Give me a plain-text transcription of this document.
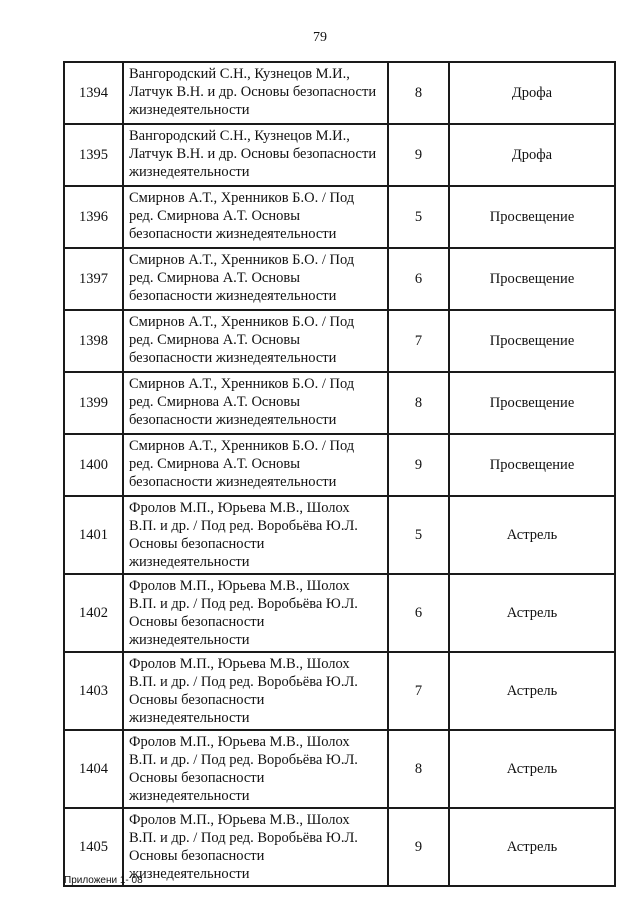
79
1394	Вангородский С.Н., Кузнецов М.И.,
Латчук В.Н. и др. Основы безопасности
жизнедеятельности	8	Дрофа
1395	Вангородский С.Н., Кузнецов М.И.,
Латчук В.Н. и др. Основы безопасности
жизнедеятельности	9	Дрофа
1396	Смирнов А.Т., Хренников Б.О. / Под
ред. Смирнова А.Т. Основы
безопасности жизнедеятельности	5	Просвещение
1397	Смирнов А.Т., Хренников Б.О. / Под
ред. Смирнова А.Т. Основы
безопасности жизнедеятельности	6	Просвещение
1398	Смирнов А.Т., Хренников Б.О. / Под
ред. Смирнова А.Т. Основы
безопасности жизнедеятельности	7	Просвещение
1399	Смирнов А.Т., Хренников Б.О. / Под
ред. Смирнова А.Т. Основы
безопасности жизнедеятельности	8	Просвещение
1400	Смирнов А.Т., Хренников Б.О. / Под
ред. Смирнова А.Т. Основы
безопасности жизнедеятельности	9	Просвещение
1401	Фролов М.П., Юрьева М.В., Шолох
В.П. и др. / Под ред. Воробьёва Ю.Л.
Основы безопасности
жизнедеятельности	5	Астрель
1402	Фролов М.П., Юрьева М.В., Шолох
В.П. и др. / Под ред. Воробьёва Ю.Л.
Основы безопасности
жизнедеятельности	6	Астрель
1403	Фролов М.П., Юрьева М.В., Шолох
В.П. и др. / Под ред. Воробьёва Ю.Л.
Основы безопасности
жизнедеятельности	7	Астрель
1404	Фролов М.П., Юрьева М.В., Шолох
В.П. и др. / Под ред. Воробьёва Ю.Л.
Основы безопасности
жизнедеятельности	8	Астрель
1405	Фролов М.П., Юрьева М.В., Шолох
В.П. и др. / Под ред. Воробьёва Ю.Л.
Основы безопасности
жизнедеятельности	9	Астрель
Приложени 1- 08
